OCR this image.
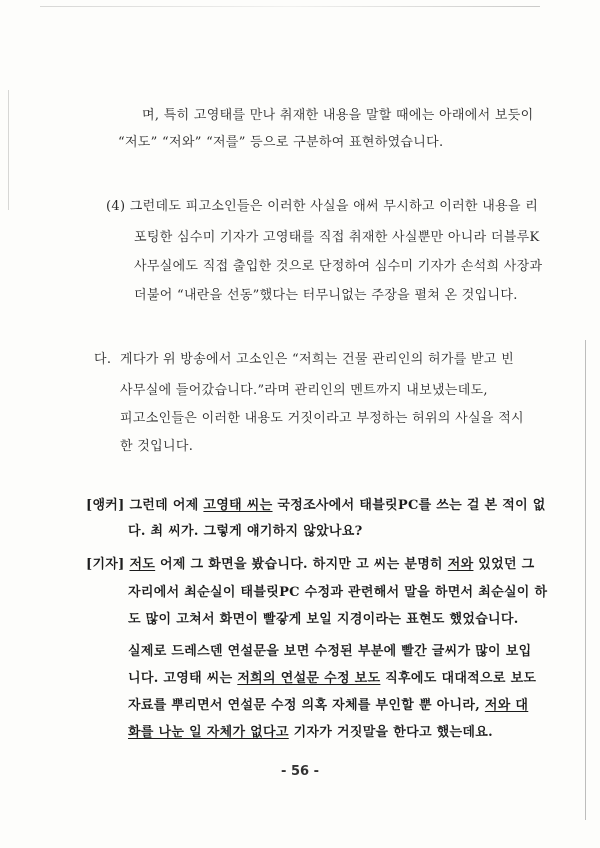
며, 특히 고영태를 만나 취재한 내용을 말할 때에는 아래에서 보듯이
“저도” “저와” “저를” 등으로 구분하여 표현하였습니다.
(4) 그런데도 피고소인들은 이러한 사실을 애써 무시하고 이러한 내용을 리
포팅한 심수미 기자가 고영태를 직접 취재한 사실뿐만 아니라 더블루K
사무실에도 직접 출입한 것으로 단정하여 심수미 기자가 손석희 사장과
더불어 “내란을 선동”했다는 터무니없는 주장을 펼쳐 온 것입니다.
다. 게다가 위 방송에서 고소인은 “저희는 건물 관리인의 허가를 받고 빈
사무실에 들어갔습니다.”라며 관리인의 멘트까지 내보냈는데도,
피고소인들은 이러한 내용도 거짓이라고 부정하는 허위의 사실을 적시
한 것입니다.
[앵커] 그런데 어제 고영태 씨는 국정조사에서 태블릿PC를 쓰는 걸 본 적이 없
다. 최 씨가. 그렇게 얘기하지 않았나요?
[기자] 저도 어제 그 화면을 봤습니다. 하지만 고 씨는 분명히 저와 있었던 그
자리에서 최순실이 태블릿PC 수정과 관련해서 말을 하면서 최순실이 하
도 많이 고쳐서 화면이 빨갛게 보일 지경이라는 표현도 했었습니다.
실제로 드레스덴 연설문을 보면 수정된 부분에 빨간 글씨가 많이 보입
니다. 고영태 씨는 저희의 연설문 수정 보도 직후에도 대대적으로 보도
자료를 뿌리면서 연설문 수정 의혹 자체를 부인할 뿐 아니라, 저와 대
화를 나눈 일 자체가 없다고 기자가 거짓말을 한다고 했는데요.
- 56 -
